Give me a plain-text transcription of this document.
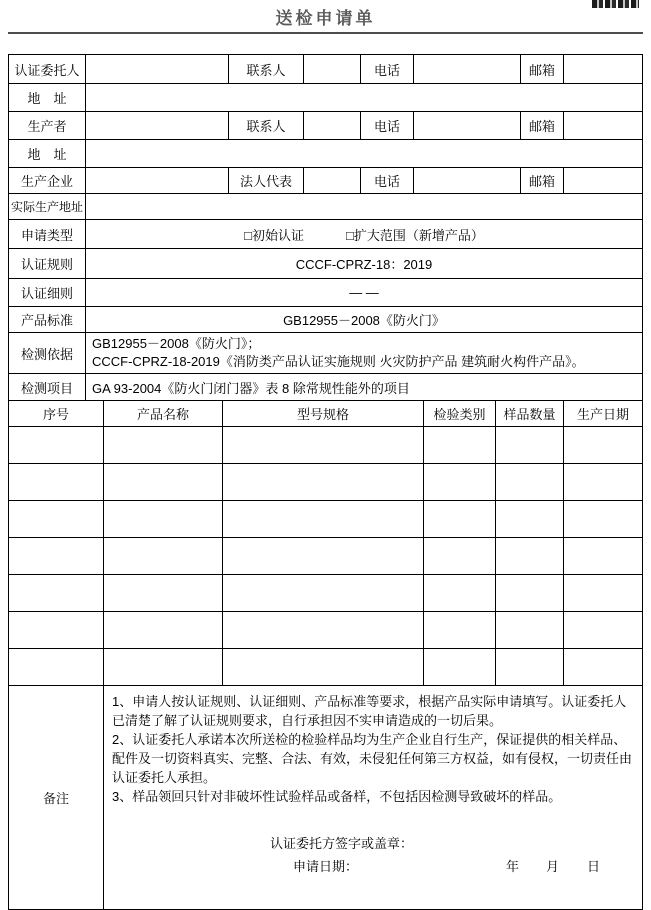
送检申请单
认证委托人		联系人		电话		邮箱	
地　址							
生产者		联系人		电话		邮箱	
地　址							
生产企业		法人代表		电话		邮箱	
实际生产地址							
申请类型	□初始认证 □扩大范围（新增产品）

认证规则	CCCF-CPRZ-18：2019
认证细则	— —
产品标准	GB12955－2008《防火门》
检测依据	GB12955－2008《防火门》；
CCCF-CPRZ-18-2019《消防类产品认证实施规则 火灾防护产品 建筑耐火构件产品》。

检测项目	GA 93-2004《防火门闭门器》表 8 除常规性能外的项目
序号	产品名称	型号规格	检验类别	样品数量	生产日期

备注	

1、申请人按认证规则、认证细则、产品标准等要求，根据产品实际申请填写。认证委托人已清楚了解了认证规则要求，自行承担因不实申请造成的一切后果。

2、认证委托人承诺本次所送检的检验样品均为生产企业自行生产，保证提供的相关样品、配件及一切资料真实、完整、合法、有效，未侵犯任何第三方权益，如有侵权，一切责任由认证委托人承担。

3、样品领回只针对非破坏性试验样品或备样，不包括因检测导致破坏的样品。

认证委托方签字或盖章：
申请日期：	年 月 日
